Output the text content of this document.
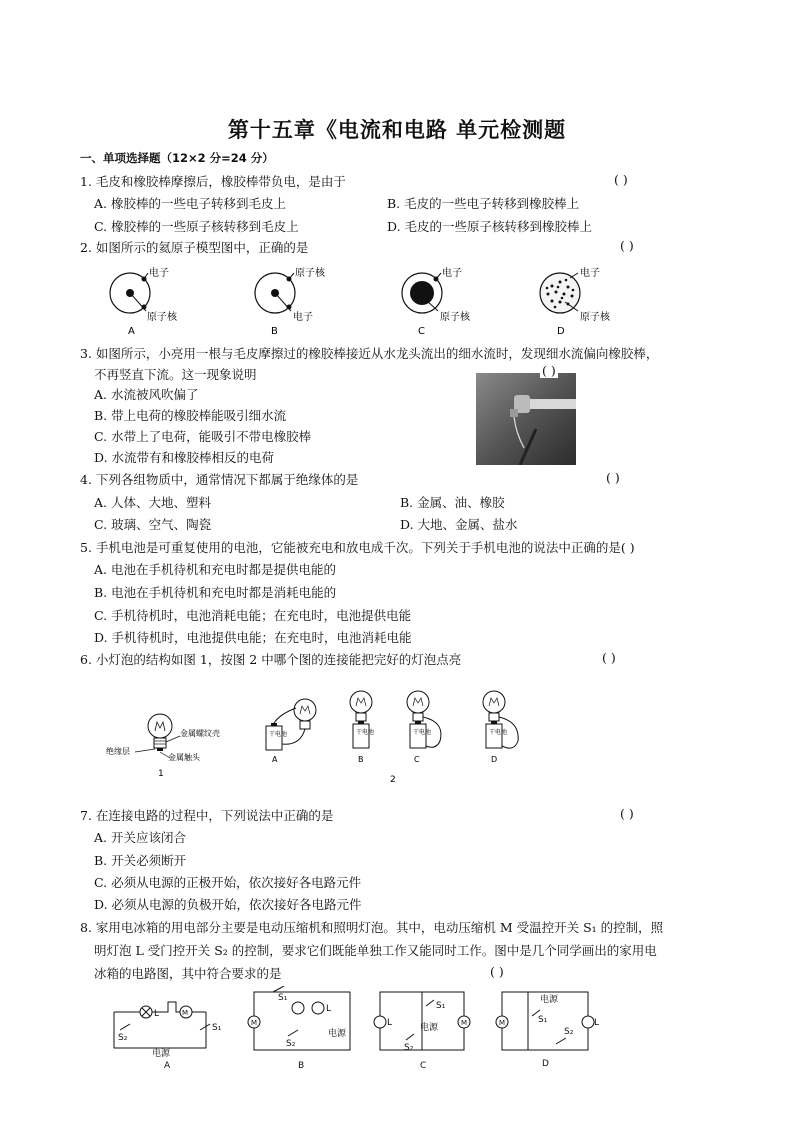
第十五章《电流和电路 单元检测题
一、单项选择题（12×2 分=24 分）
1. 毛皮和橡胶棒摩擦后，橡胶棒带负电，是由于	( )
A. 橡胶棒的一些电子转移到毛皮上	B. 毛皮的一些电子转移到橡胶棒上
C. 橡胶棒的一些原子核转移到毛皮上	D. 毛皮的一些原子核转移到橡胶棒上
2. 如图所示的氦原子模型图中，正确的是	( )
电子
原子核
A
原子核
电子
B
电子
原子核
C
电子
原子核
D
3. 如图所示，小亮用一根与毛皮摩擦过的橡胶棒接近从水龙头流出的细水流时，发现细水流偏向橡胶棒，
不再竖直下流。这一现象说明
A. 水流被风吹偏了
B. 带上电荷的橡胶棒能吸引细水流
C. 水带上了电荷，能吸引不带电橡胶棒
D. 水流带有和橡胶棒相反的电荷
( )
4. 下列各组物质中，通常情况下都属于绝缘体的是	( )
A. 人体、大地、塑料	B. 金属、油、橡胶
C. 玻璃、空气、陶瓷	D. 大地、金属、盐水
5. 手机电池是可重复使用的电池，它能被充电和放电成千次。下列关于手机电池的说法中正确的是( )
A. 电池在手机待机和充电时都是提供电能的
B. 电池在手机待机和充电时都是消耗电能的
C. 手机待机时，电池消耗电能；在充电时，电池提供电能
D. 手机待机时，电池提供电能；在充电时，电池消耗电能
6. 小灯泡的结构如图 1，按图 2 中哪个图的连接能把完好的灯泡点亮	( )
金属螺纹壳
绝缘层
金属触头
1
干电池
A
干电池
B
干电池
C
干电池
D
2
7. 在连接电路的过程中，下列说法中正确的是	( )
A. 开关应该闭合
B. 开关必须断开
C. 必须从电源的正极开始，依次接好各电路元件
D. 必须从电源的负极开始，依次接好各电路元件
8. 家用电冰箱的用电部分主要是电动压缩机和照明灯泡。其中，电动压缩机 M 受温控开关 S₁ 的控制，照
明灯泡 L 受门控开关 S₂ 的控制，要求它们既能单独工作又能同时工作。图中是几个同学画出的家用电
冰箱的电路图，其中符合要求的是	( )
L	M
S₂
S₁
电源
A
S₁
M
L
S₂
电源
B
L	M
S₁
S₂
电源
C
M	L
电源
S₁
S₂
D
